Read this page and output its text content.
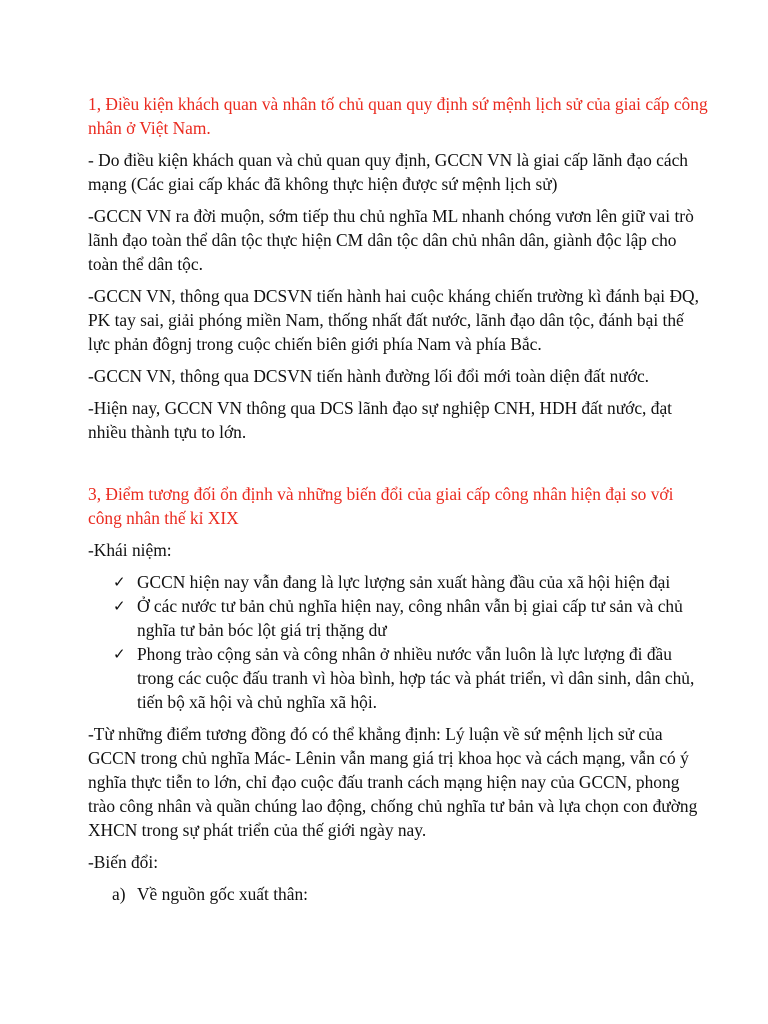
1, Điều kiện khách quan và nhân tố chủ quan quy định sứ mệnh lịch sử của giai cấp công nhân ở Việt Nam.

- Do điều kiện khách quan và chủ quan quy định, GCCN VN là giai cấp lãnh đạo cách mạng (Các giai cấp khác đã không thực hiện được sứ mệnh lịch sử)

-GCCN VN ra đời muộn, sớm tiếp thu chủ nghĩa ML nhanh chóng vươn lên giữ vai trò lãnh đạo toàn thể dân tộc thực hiện CM dân tộc dân chủ nhân dân, giành độc lập cho toàn thể dân tộc.

-GCCN VN, thông qua DCSVN tiến hành hai cuộc kháng chiến trường kì đánh bại ĐQ, PK tay sai, giải phóng miền Nam, thống nhất đất nước, lãnh đạo dân tộc, đánh bại thế lực phản đôgnj trong cuộc chiến biên giới phía Nam và phía Bắc.

-GCCN VN, thông qua DCSVN tiến hành đường lối đổi mới toàn diện đất nước.

-Hiện nay, GCCN VN thông qua DCS lãnh đạo sự nghiệp CNH, HDH đất nước, đạt nhiều thành tựu to lớn.

3, Điểm tương đối ổn định và những biến đổi của giai cấp công nhân hiện đại so với công nhân thế kỉ XIX

-Khái niệm:

✓ GCCN hiện nay vẫn đang là lực lượng sản xuất hàng đầu của xã hội hiện đại
✓ Ở các nước tư bản chủ nghĩa hiện nay, công nhân vẫn bị giai cấp tư sản và chủ nghĩa tư bản bóc lột giá trị thặng dư
✓ Phong trào cộng sản và công nhân ở nhiều nước vẫn luôn là lực lượng đi đầu trong các cuộc đấu tranh vì hòa bình, hợp tác và phát triển, vì dân sinh, dân chủ, tiến bộ xã hội và chủ nghĩa xã hội.

-Từ những điểm tương đồng đó có thể khẳng định: Lý luận về sứ mệnh lịch sử của GCCN trong chủ nghĩa Mác- Lênin vẫn mang giá trị khoa học và cách mạng, vẫn có ý nghĩa thực tiễn to lớn, chỉ đạo cuộc đấu tranh cách mạng hiện nay của GCCN, phong trào công nhân và quần chúng lao động, chống chủ nghĩa tư bản và lựa chọn con đường XHCN trong sự phát triển của thế giới ngày nay.

-Biến đổi:

a) Về nguồn gốc xuất thân:
